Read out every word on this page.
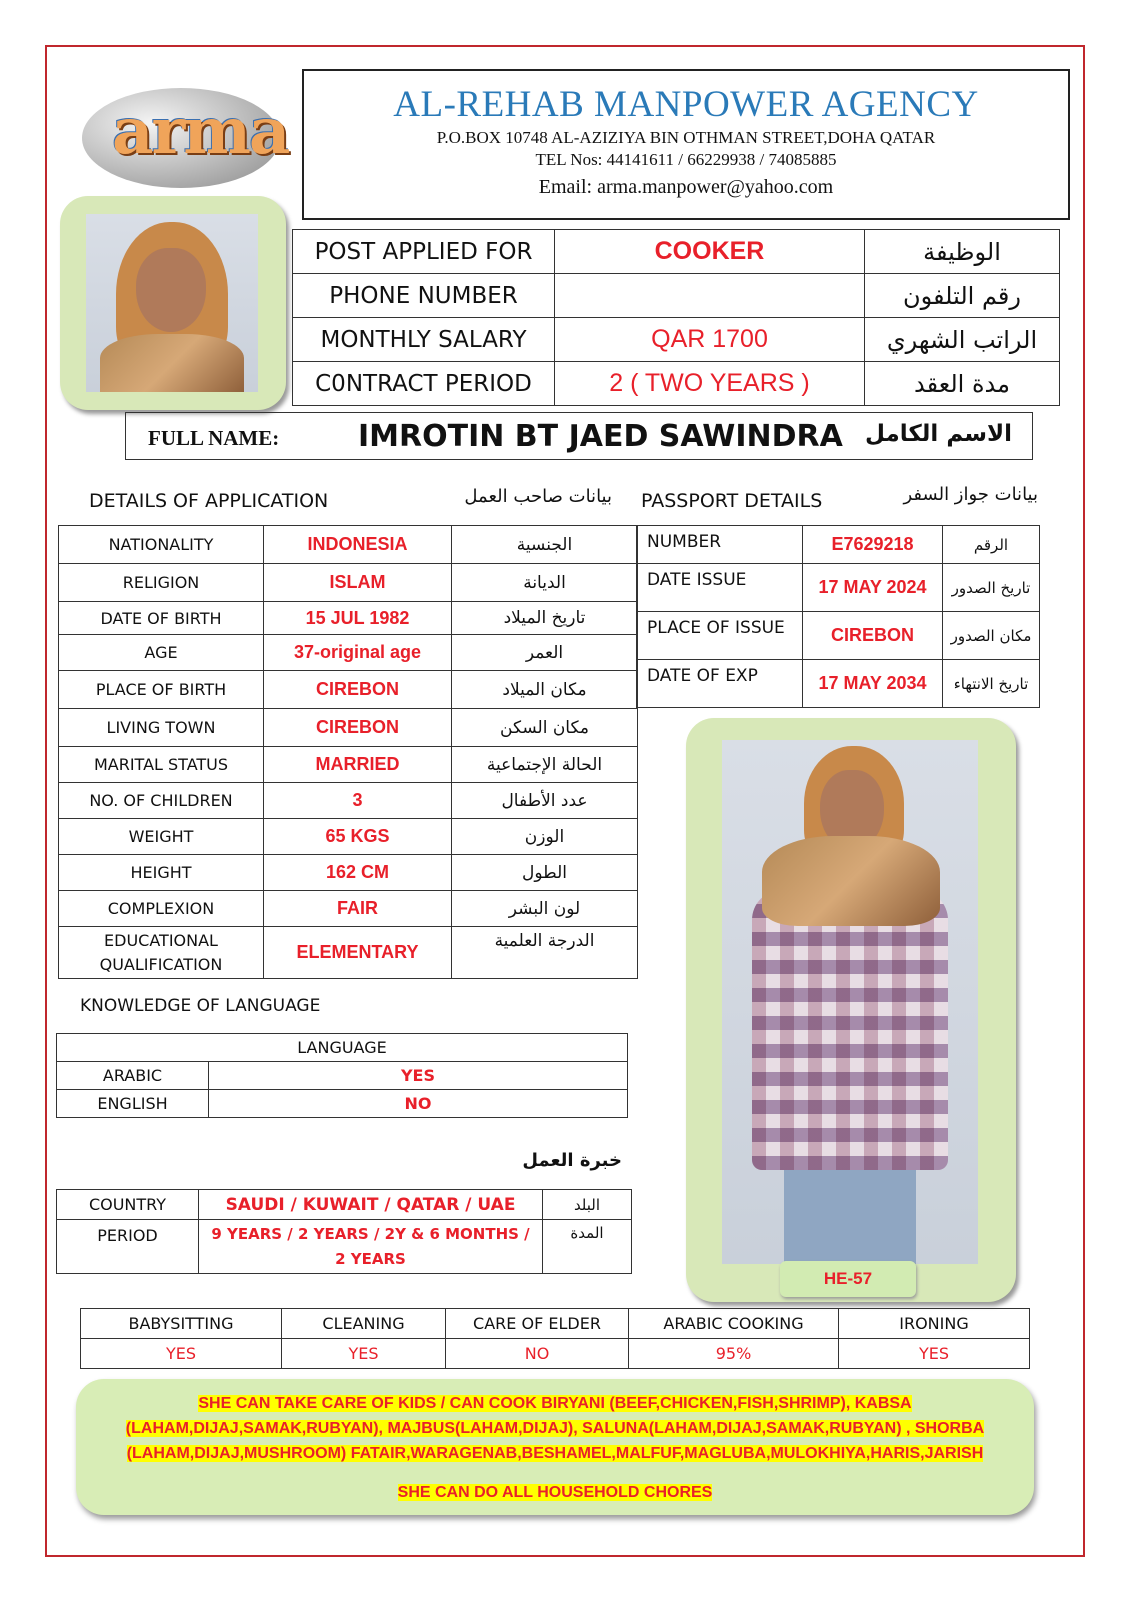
arma	AL-REHAB MANPOWER AGENCY
P.O.BOX 10748 AL-AZIZIYA BIN OTHMAN STREET,DOHA QATAR
TEL Nos: 44141611 / 66229938 / 74085885
Email: arma.manpower@yahoo.com
POST APPLIED FOR	COOKER	الوظيفة
PHONE NUMBER		رقم التلفون
MONTHLY SALARY	QAR 1700	الراتب الشهري
C0NTRACT PERIOD	2 ( TWO YEARS )	مدة العقد
FULL NAME:	IMROTIN BT JAED SAWINDRA الاسم الكامل
DETAILS OF APPLICATION	بيانات صاحب العمل
NATIONALITY	INDONESIA	الجنسية
RELIGION	ISLAM	الديانة
DATE OF BIRTH	15 JUL 1982	تاريخ الميلاد
AGE	37-original age	العمر
PLACE OF BIRTH	CIREBON	مكان الميلاد
LIVING TOWN	CIREBON	مكان السكن
MARITAL STATUS	MARRIED	الحالة الإجتماعية
NO. OF CHILDREN	3	عدد الأطفال
WEIGHT	65 KGS	الوزن
HEIGHT	162 CM	الطول
COMPLEXION	FAIR	لون البشر
EDUCATIONAL QUALIFICATION	ELEMENTARY	الدرجة العلمية
PASSPORT DETAILS	بيانات جواز السفر
NUMBER	E7629218	الرقم
DATE ISSUE	17 MAY 2024	تاريخ الصدور
PLACE OF ISSUE	CIREBON	مكان الصدور
DATE OF EXP	17 MAY 2034	تاريخ الانتهاء
HE-57
KNOWLEDGE OF LANGUAGE
LANGUAGE	
ARABIC	YES
ENGLISH	NO
خبرة العمل
COUNTRY	SAUDI / KUWAIT / QATAR / UAE	البلد
PERIOD	9 YEARS / 2 YEARS / 2Y & 6 MONTHS / 2 YEARS	المدة
BABYSITTING	CLEANING	CARE OF ELDER	ARABIC COOKING	IRONING
YES	YES	NO	95%	YES
SHE CAN TAKE CARE OF KIDS / CAN COOK BIRYANI (BEEF,CHICKEN,FISH,SHRIMP), KABSA
(LAHAM,DIJAJ,SAMAK,RUBYAN), MAJBUS(LAHAM,DIJAJ), SALUNA(LAHAM,DIJAJ,SAMAK,RUBYAN) , SHORBA
(LAHAM,DIJAJ,MUSHROOM) FATAIR,WARAGENAB,BESHAMEL,MALFUF,MAGLUBA,MULOKHIYA,HARIS,JARISH
SHE CAN DO ALL HOUSEHOLD CHORES
